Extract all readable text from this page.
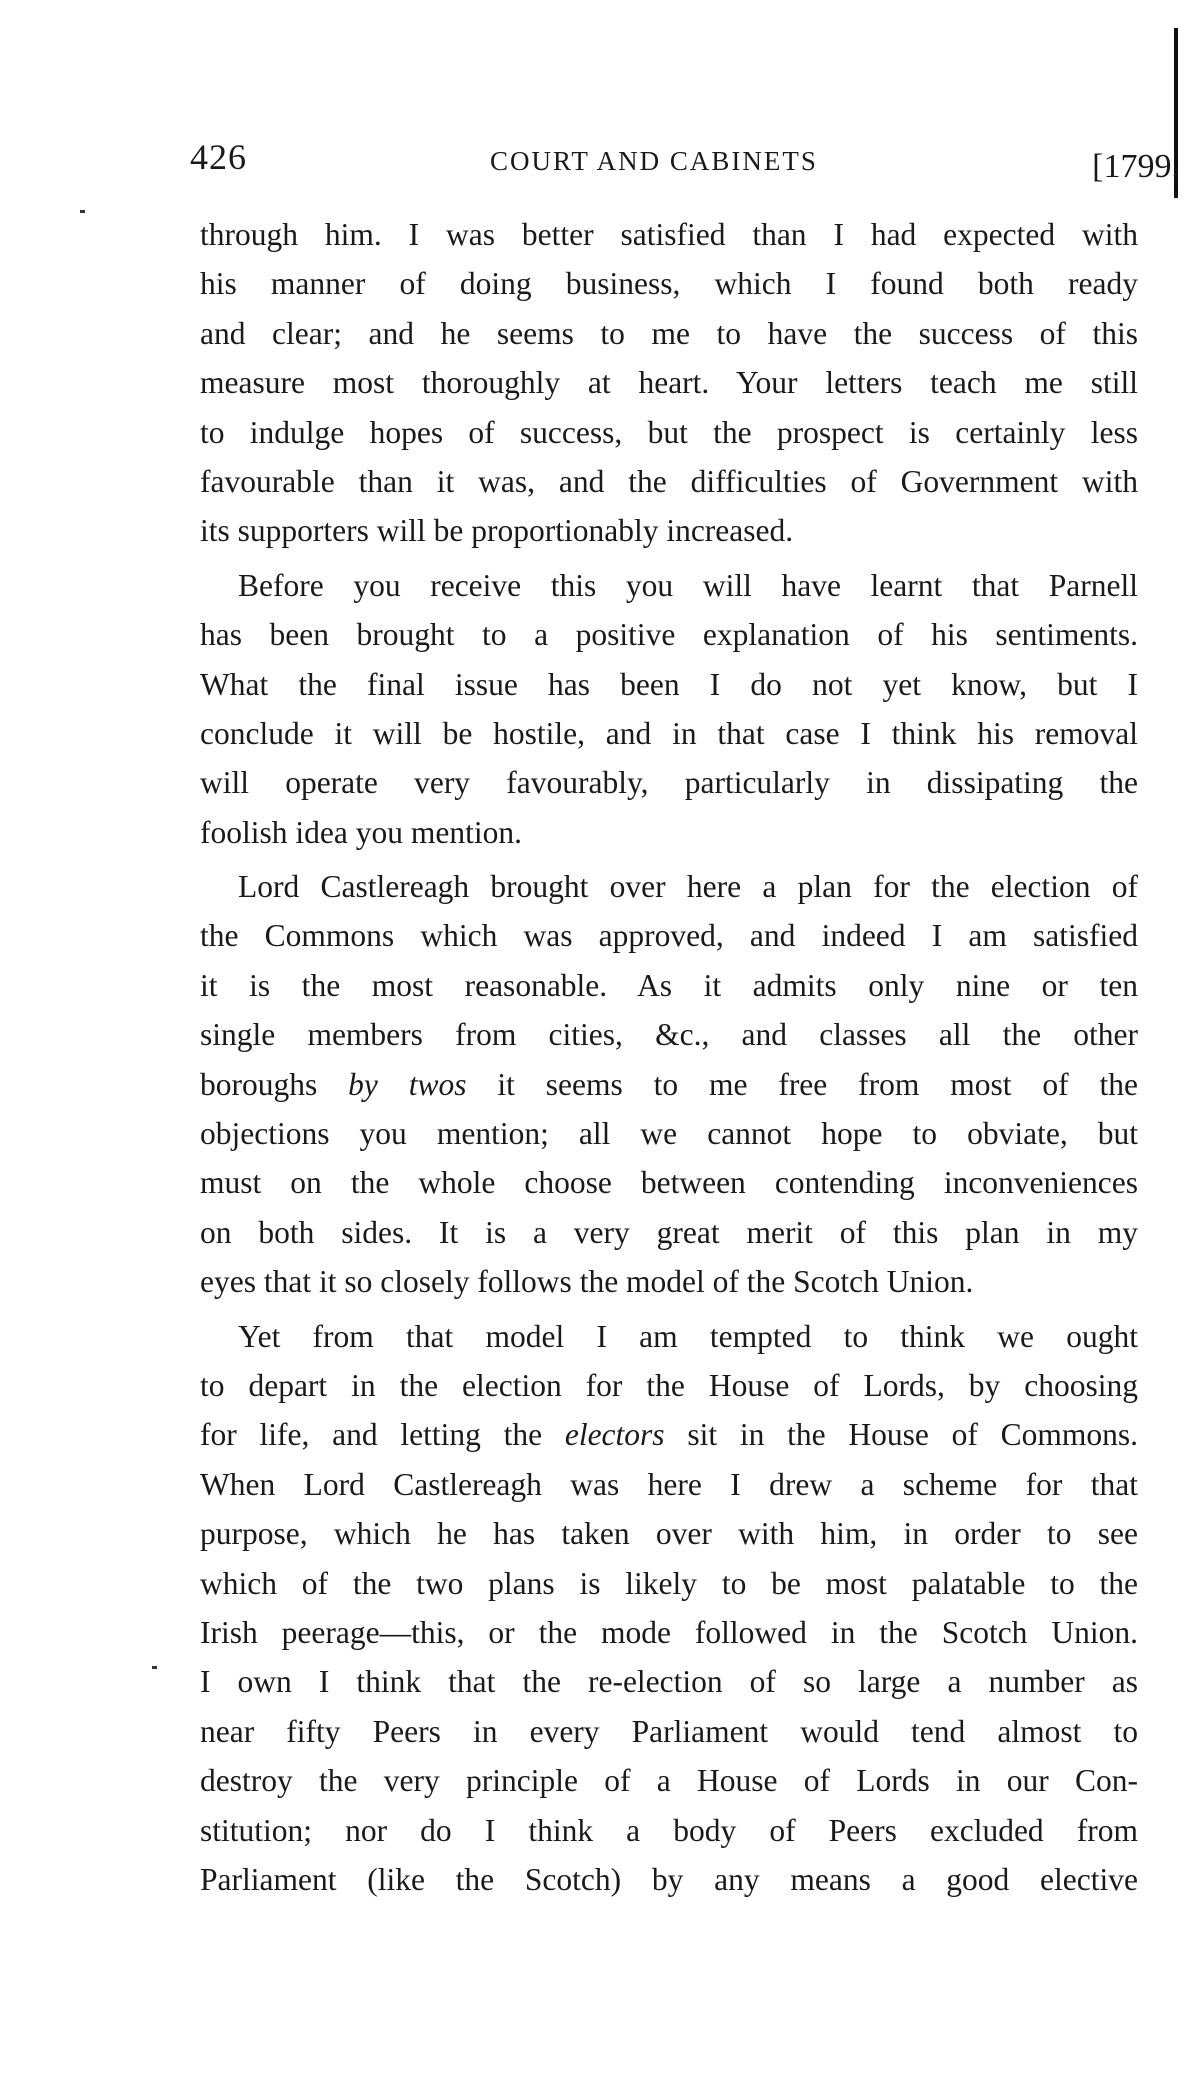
426	COURT AND CABINETS	[1799.
through him. I was better satisfied than I had expected with
his manner of doing business, which I found both ready
and clear; and he seems to me to have the success of this
measure most thoroughly at heart. Your letters teach me still
to indulge hopes of success, but the prospect is certainly less
favourable than it was, and the difficulties of Government with
its supporters will be proportionably increased.
Before you receive this you will have learnt that Parnell
has been brought to a positive explanation of his sentiments.
What the final issue has been I do not yet know, but I
conclude it will be hostile, and in that case I think his removal
will operate very favourably, particularly in dissipating the
foolish idea you mention.
Lord Castlereagh brought over here a plan for the election of
the Commons which was approved, and indeed I am satisfied
it is the most reasonable. As it admits only nine or ten
single members from cities, &c., and classes all the other
boroughs by twos it seems to me free from most of the
objections you mention; all we cannot hope to obviate, but
must on the whole choose between contending inconveniences
on both sides. It is a very great merit of this plan in my
eyes that it so closely follows the model of the Scotch Union.
Yet from that model I am tempted to think we ought
to depart in the election for the House of Lords, by choosing
for life, and letting the electors sit in the House of Commons.
When Lord Castlereagh was here I drew a scheme for that
purpose, which he has taken over with him, in order to see
which of the two plans is likely to be most palatable to the
Irish peerage—this, or the mode followed in the Scotch Union.
I own I think that the re-election of so large a number as
near fifty Peers in every Parliament would tend almost to
destroy the very principle of a House of Lords in our Con-
stitution; nor do I think a body of Peers excluded from
Parliament (like the Scotch) by any means a good elective
